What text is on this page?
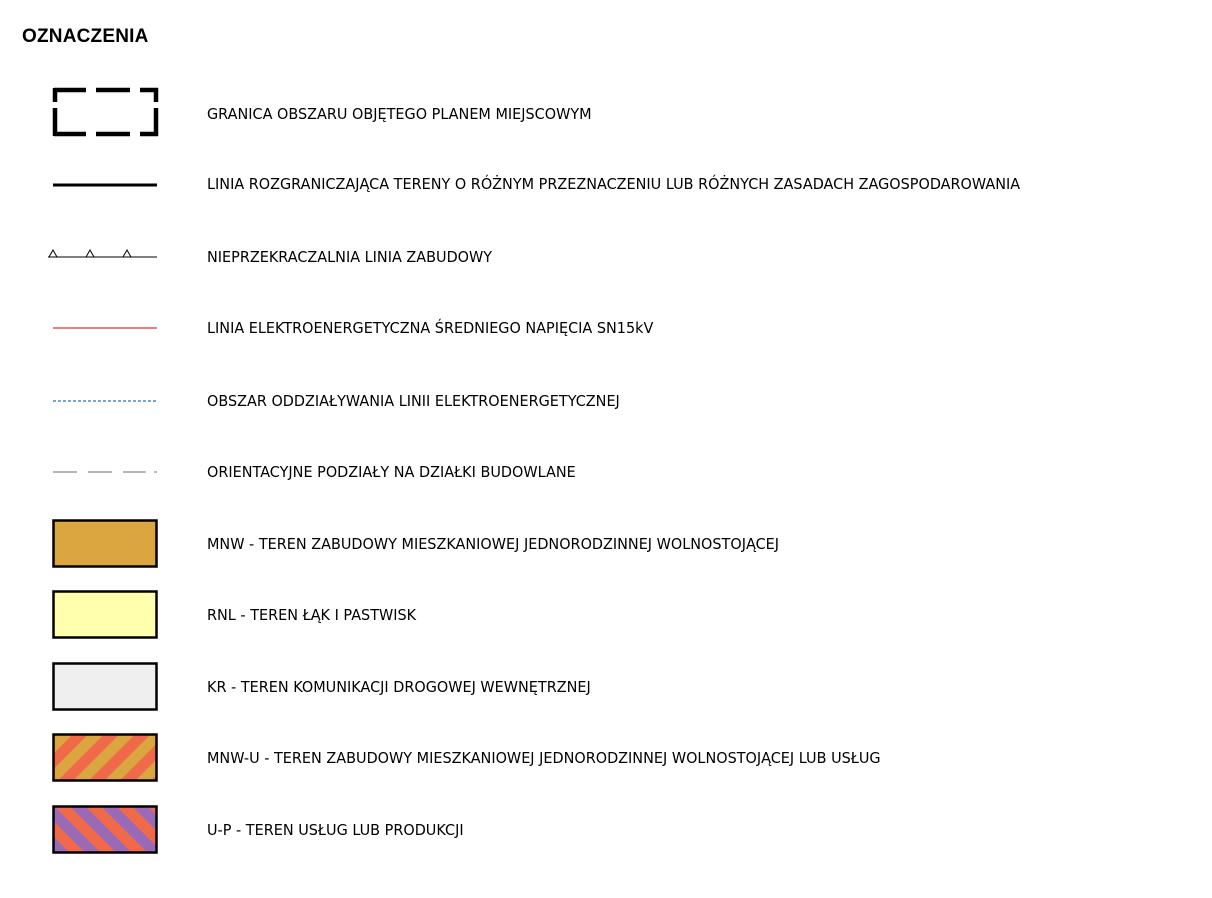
OZNACZENIA
GRANICA OBSZARU OBJĘTEGO PLANEM MIEJSCOWYM
LINIA ROZGRANICZAJĄCA TERENY O RÓŻNYM PRZEZNACZENIU LUB RÓŻNYCH ZASADACH ZAGOSPODAROWANIA
NIEPRZEKRACZALNIA LINIA ZABUDOWY
LINIA ELEKTROENERGETYCZNA ŚREDNIEGO NAPIĘCIA SN15kV
OBSZAR ODDZIAŁYWANIA LINII ELEKTROENERGETYCZNEJ
ORIENTACYJNE PODZIAŁY NA DZIAŁKI BUDOWLANE
MNW - TEREN ZABUDOWY MIESZKANIOWEJ JEDNORODZINNEJ WOLNOSTOJĄCEJ
RNL - TEREN ŁĄK I PASTWISK
KR - TEREN KOMUNIKACJI DROGOWEJ WEWNĘTRZNEJ
MNW-U - TEREN ZABUDOWY MIESZKANIOWEJ JEDNORODZINNEJ WOLNOSTOJĄCEJ LUB USŁUG
U-P - TEREN USŁUG LUB PRODUKCJI
